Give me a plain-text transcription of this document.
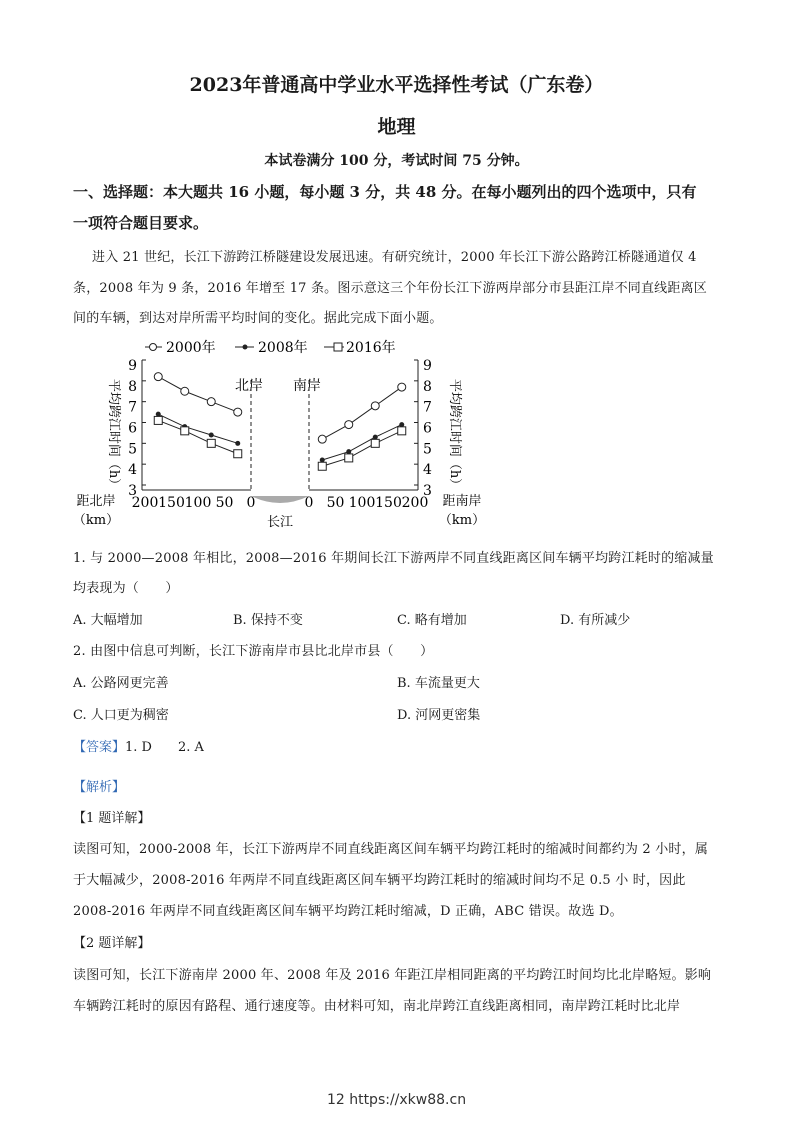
2023年普通高中学业水平选择性考试（广东卷）
地理
本试卷满分 100 分，考试时间 75 分钟。
一、选择题：本大题共 16 小题，每小题 3 分，共 48 分。在每小题列出的四个选项中，只有
一项符合题目要求。
进入 21 世纪，长江下游跨江桥隧建设发展迅速。有研究统计，2000 年长江下游公路跨江桥隧通道仅 4
条，2008 年为 9 条，2016 年增至 17 条。图示意这三个年份长江下游两岸部分市县距江岸不同直线距离区
间的车辆，到达对岸所需平均时间的变化。据此完成下面小题。
2000年	2008年	2016年
平均跨江时间（h）	平均跨江时间（h）
距北岸
（km）
距南岸
（km）
北岸 南岸
长江
3	3
4	4
5	5
6	6
7	7
8	8
9	9
200 150 100 50 0	0 50 100 150 200
1. 与 2000—2008 年相比，2008—2016 年期间长江下游两岸不同直线距离区间车辆平均跨江耗时的缩减量
均表现为（　　）
A. 大幅增加	B. 保持不变	C. 略有增加	D. 有所减少
2. 由图中信息可判断，长江下游南岸市县比北岸市县（　　）
A. 公路网更完善	B. 车流量更大
C. 人口更为稠密	D. 河网更密集
【答案】1. D　　2. A
【解析】
【1 题详解】
读图可知，2000-2008 年，长江下游两岸不同直线距离区间车辆平均跨江耗时的缩减时间都约为 2 小时，属
于大幅减少，2008-2016 年两岸不同直线距离区间车辆平均跨江耗时的缩减时间均不足 0.5 小 时，因此
2008-2016 年两岸不同直线距离区间车辆平均跨江耗时缩减，D 正确，ABC 错误。故选 D。
【2 题详解】
读图可知，长江下游南岸 2000 年、2008 年及 2016 年距江岸相同距离的平均跨江时间均比北岸略短。影响
车辆跨江耗时的原因有路程、通行速度等。由材料可知，南北岸跨江直线距离相同，南岸跨江耗时比北岸
12 https://xkw88.cn
